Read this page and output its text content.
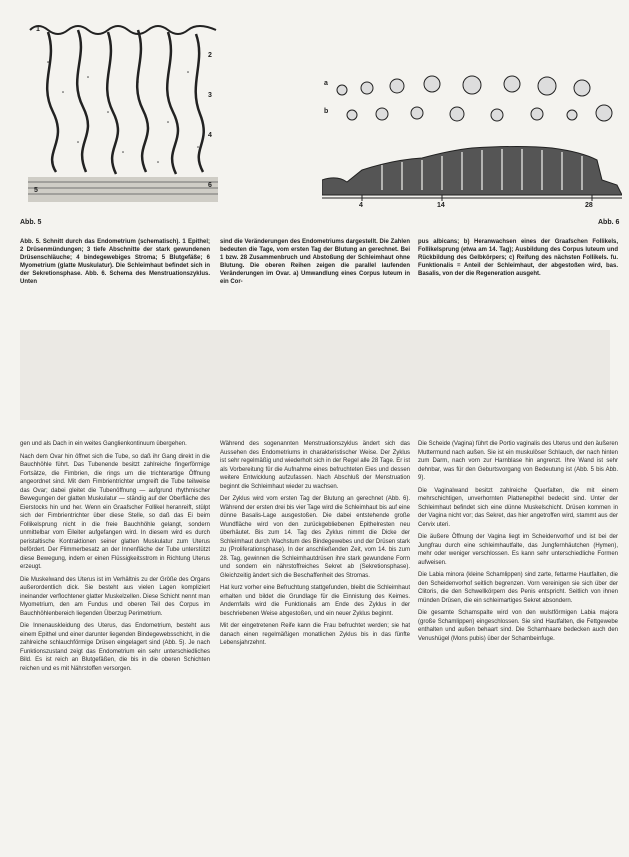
1
2
3
4
5
6
a
b
4	14	28
Abb. 5	Abb. 6
Abb. 5. Schnitt durch das Endometrium (schematisch). 1 Epithel; 2 Drüsenmündungen; 3 tiefe Abschnitte der stark gewundenen Drüsenschläuche; 4 bindegewebiges Stroma; 5 Blutgefäße; 6 Myometrium (glatte Muskulatur). Die Schleimhaut befindet sich in der Sekretionsphase. Abb. 6. Schema des Menstruationszyklus. Unten
sind die Veränderungen des Endometriums dargestellt. Die Zahlen bedeuten die Tage, vom ersten Tag der Blutung an gerechnet. Bei 1 bzw. 28 Zusammenbruch und Abstoßung der Schleimhaut ohne Blutung. Die oberen Reihen zeigen die parallel laufenden Veränderungen im Ovar. a) Umwandlung eines Corpus luteum in ein Cor-
pus albicans; b) Heranwachsen eines der Graafschen Follikels, Follikelsprung (etwa am 14. Tag); Ausbildung des Corpus luteum und Rückbildung des Gelbkörpers; c) Reifung des nächsten Follikels. fu. Funktionalis = Anteil der Schleimhaut, der abgestoßen wird, bas. Basalis, von der die Regeneration ausgeht.

gen und als Dach in ein weites Ganglienkontinuum übergehen.

Nach dem Ovar hin öffnet sich die Tube, so daß ihr Gang direkt in die Bauchhöhle führt. Das Tubenende besitzt zahlreiche fingerförmige Fortsätze, die Fimbrien, die rings um die trichterartige Öffnung angeordnet sind. Mit dem Fimbrientrichter umgreift die Tube teilweise das Ovar; dabei gleitet die Tubenöffnung — aufgrund rhythmischer Bewegungen der glatten Muskulatur — ständig auf der Oberfläche des Eierstocks hin und her. Wenn ein Graafscher Follikel heranreift, stülpt sich der Fimbrientrichter über diese Stelle, so daß das Ei beim Follikelsprung nicht in die freie Bauchhöhle gelangt, sondern unmittelbar vom Eileiter aufgefangen wird. In diesem wird es durch peristaltische Kontraktionen seiner glatten Muskulatur zum Uterus befördert. Der Flimmerbesatz an der Innenfläche der Tube unterstützt diese Bewegung, indem er einen Flüssigkeitsstrom in Richtung Uterus erzeugt.

Die Muskelwand des Uterus ist im Verhältnis zu der Größe des Organs außerordentlich dick. Sie besteht aus vielen Lagen kompliziert ineinander verflochtener glatter Muskelzellen. Diese Schicht nennt man Myometrium, den am Fundus und oberen Teil des Corpus im Bauchhöhlenbereich liegenden Überzug Perimetrium.

Die Innenauskleidung des Uterus, das Endometrium, besteht aus einem Epithel und einer darunter liegenden Bindegewebsschicht, in die zahlreiche schlauchförmige Drüsen eingelagert sind (Abb. 5). Je nach Funktionszustand zeigt das Endometrium ein sehr unterschiedliches Bild. Es ist reich an Blutgefäßen, die bis in die oberen Schichten reichen und es mit Nährstoffen versorgen.

Während des sogenannten Menstruationszyklus ändert sich das Aussehen des Endometriums in charakteristischer Weise. Der Zyklus ist sehr regelmäßig und wiederholt sich in der Regel alle 28 Tage. Er ist als Vorbereitung für die Aufnahme eines befruchteten Eies und dessen weitere Entwicklung aufzufassen. Nach Abschluß der Menstruation beginnt die Schleimhaut wieder zu wachsen.

Der Zyklus wird vom ersten Tag der Blutung an gerechnet (Abb. 6). Während der ersten drei bis vier Tage wird die Schleimhaut bis auf eine dünne Basalis-Lage ausgestoßen. Die dabei entstehende große Wundfläche wird von den zurückgebliebenen Epithelresten neu überhäutet. Bis zum 14. Tag des Zyklus nimmt die Dicke der Schleimhaut durch Wachstum des Bindegewebes und der Drüsen stark zu (Proliferationsphase). In der anschließenden Zeit, vom 14. bis zum 28. Tag, gewinnen die Schleimhautdrüsen ihre stark gewundene Form und sondern ein nährstoffreiches Sekret ab (Sekretionsphase). Gleichzeitig ändert sich die Beschaffenheit des Stromas.

Hat kurz vorher eine Befruchtung stattgefunden, bleibt die Schleimhaut erhalten und bildet die Grundlage für die Einnistung des Keimes. Andernfalls wird die Funktionalis am Ende des Zyklus in der beschriebenen Weise abgestoßen, und ein neuer Zyklus beginnt.

Mit der eingetretenen Reife kann die Frau befruchtet werden; sie hat danach einen regelmäßigen monatlichen Zyklus bis in das fünfte Lebensjahrzehnt.

Die Scheide (Vagina) führt die Portio vaginalis des Uterus und den äußeren Muttermund nach außen. Sie ist ein muskulöser Schlauch, der nach hinten zum Darm, nach vorn zur Harnblase hin angrenzt. Ihre Wand ist sehr dehnbar, was für den Geburtsvorgang von Bedeutung ist (Abb. 5 bis Abb. 9).

Die Vaginalwand besitzt zahlreiche Querfalten, die mit einem mehrschichtigen, unverhornten Plattenepithel bedeckt sind. Unter der Schleimhaut befindet sich eine dünne Muskelschicht. Drüsen kommen in der Vagina nicht vor; das Sekret, das hier angetroffen wird, stammt aus der Cervix uteri.

Die äußere Öffnung der Vagina liegt im Scheidenvorhof und ist bei der Jungfrau durch eine schleimhautfalte, das Jungfernhäutchen (Hymen), mehr oder weniger verschlossen. Es kann sehr unterschiedliche Formen aufweisen.

Die Labia minora (kleine Schamlippen) sind zarte, fettarme Hautfalten, die den Scheidenvorhof seitlich begrenzen. Vorn vereinigen sie sich über der Clitoris, die den Schwellkörpern des Penis entspricht. Seitlich von ihnen münden Drüsen, die ein schleimartiges Sekret absondern.

Die gesamte Schamspalte wird von den wulstförmigen Labia majora (große Schamlippen) eingeschlossen. Sie sind Hautfalten, die Fettgewebe enthalten und außen behaart sind. Die Schamhaare bedecken auch den Venushügel (Mons pubis) über der Schambeinfuge.
